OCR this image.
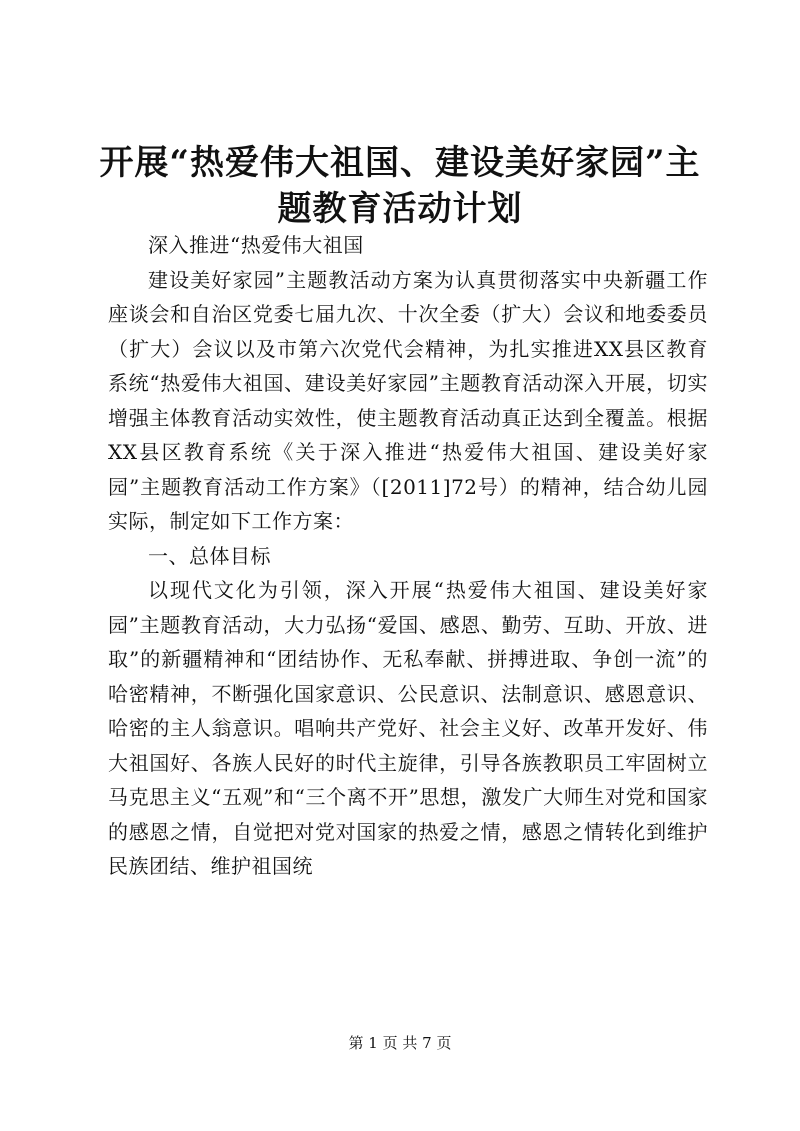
开展“热爱伟大祖国、建设美好家园”主题教育活动计划

深入推进“热爱伟大祖国

建设美好家园”主题教活动方案为认真贯彻落实中央新疆工作座谈会和自治区党委七届九次、十次全委（扩大）会议和地委委员（扩大）会议以及市第六次党代会精神，为扎实推进XX县区教育系统“热爱伟大祖国、建设美好家园”主题教育活动深入开展，切实增强主体教育活动实效性，使主题教育活动真正达到全覆盖。根据XX县区教育系统《关于深入推进“热爱伟大祖国、建设美好家园”主题教育活动工作方案》（[2011]72号）的精神，结合幼儿园实际，制定如下工作方案：

一、总体目标

以现代文化为引领，深入开展“热爱伟大祖国、建设美好家园”主题教育活动，大力弘扬“爱国、感恩、勤劳、互助、开放、进取”的新疆精神和“团结协作、无私奉献、拼搏进取、争创一流”的哈密精神，不断强化国家意识、公民意识、法制意识、感恩意识、哈密的主人翁意识。唱响共产党好、社会主义好、改革开发好、伟大祖国好、各族人民好的时代主旋律，引导各族教职员工牢固树立马克思主义“五观”和“三个离不开”思想，激发广大师生对党和国家的感恩之情，自觉把对党对国家的热爱之情，感恩之情转化到维护民族团结、维护祖国统

第 1 页 共 7 页
